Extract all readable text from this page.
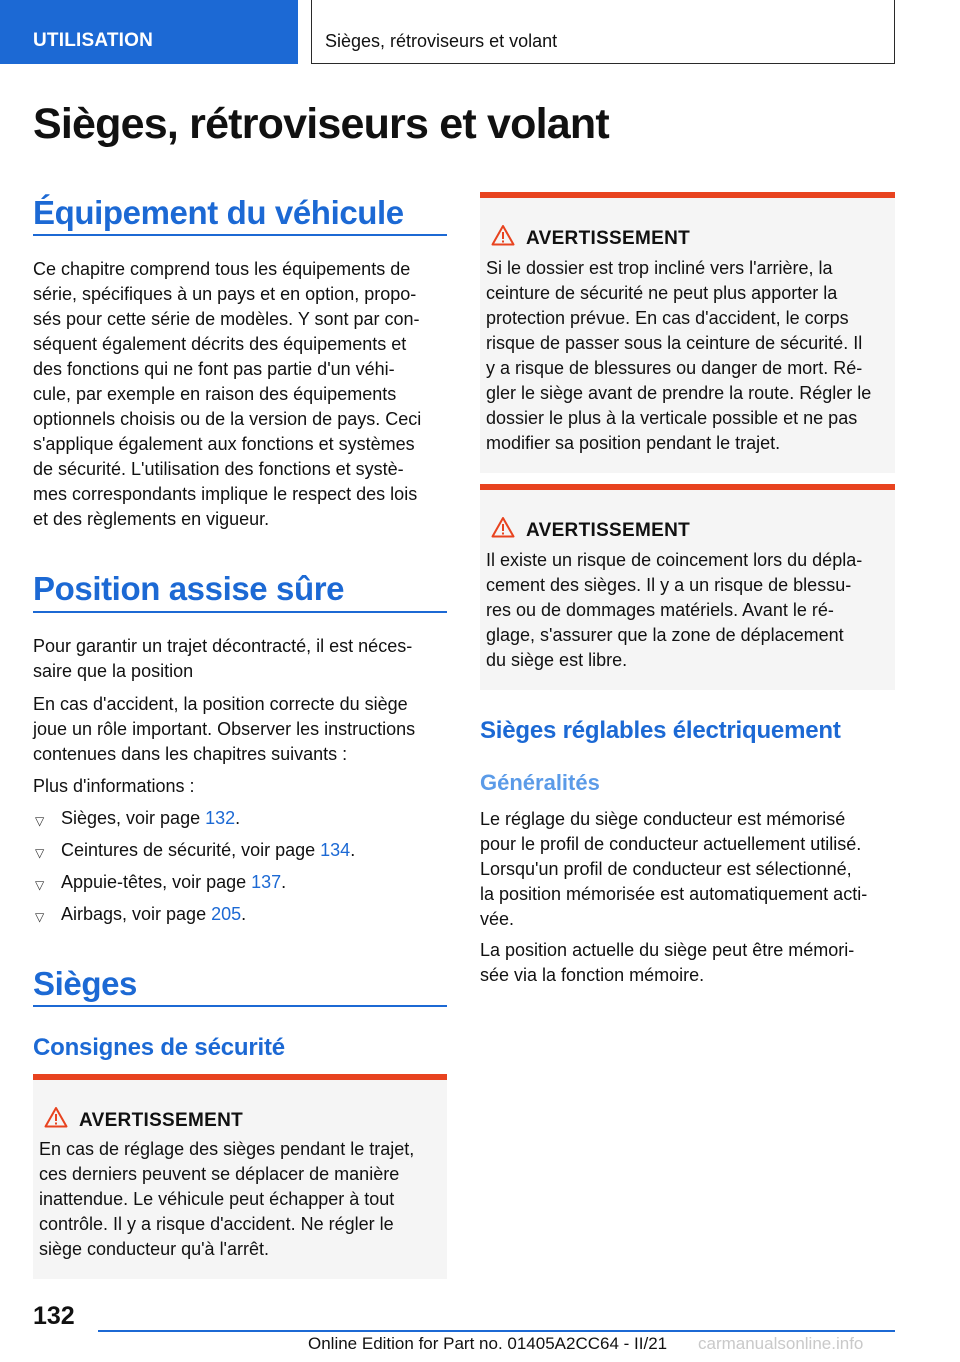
UTILISATION	Sièges, rétroviseurs et volant
Sièges, rétroviseurs et volant
Équipement du véhicule
Ce chapitre comprend tous les équipements de
série, spécifiques à un pays et en option, propo‐
sés pour cette série de modèles. Y sont par con‐
séquent également décrits des équipements et
des fonctions qui ne font pas partie d'un véhi‐
cule, par exemple en raison des équipements
optionnels choisis ou de la version de pays. Ceci
s'applique également aux fonctions et systèmes
de sécurité. L'utilisation des fonctions et systè‐
mes correspondants implique le respect des lois
et des règlements en vigueur.
Position assise sûre
Pour garantir un trajet décontracté, il est néces‐
saire que la position
En cas d'accident, la position correcte du siège
joue un rôle important. Observer les instructions
contenues dans les chapitres suivants :
Plus d'informations :
▽ Sièges, voir page 132.
▽ Ceintures de sécurité, voir page 134.
▽ Appuie-têtes, voir page 137.
▽ Airbags, voir page 205.
Sièges
Consignes de sécurité
AVERTISSEMENT
En cas de réglage des sièges pendant le trajet,
ces derniers peuvent se déplacer de manière
inattendue. Le véhicule peut échapper à tout
contrôle. Il y a risque d'accident. Ne régler le
siège conducteur qu'à l'arrêt.
AVERTISSEMENT
Si le dossier est trop incliné vers l'arrière, la
ceinture de sécurité ne peut plus apporter la
protection prévue. En cas d'accident, le corps
risque de passer sous la ceinture de sécurité. Il
y a risque de blessures ou danger de mort. Ré‐
gler le siège avant de prendre la route. Régler le
dossier le plus à la verticale possible et ne pas
modifier sa position pendant le trajet.
AVERTISSEMENT
Il existe un risque de coincement lors du dépla‐
cement des sièges. Il y a un risque de blessu‐
res ou de dommages matériels. Avant le ré‐
glage, s'assurer que la zone de déplacement
du siège est libre.
Sièges réglables électriquement
Généralités
Le réglage du siège conducteur est mémorisé
pour le profil de conducteur actuellement utilisé.
Lorsqu'un profil de conducteur est sélectionné,
la position mémorisée est automatiquement acti‐
vée.
La position actuelle du siège peut être mémori‐
sée via la fonction mémoire.
132
Online Edition for Part no. 01405A2CC64 - II/21 carmanualsonline.info
